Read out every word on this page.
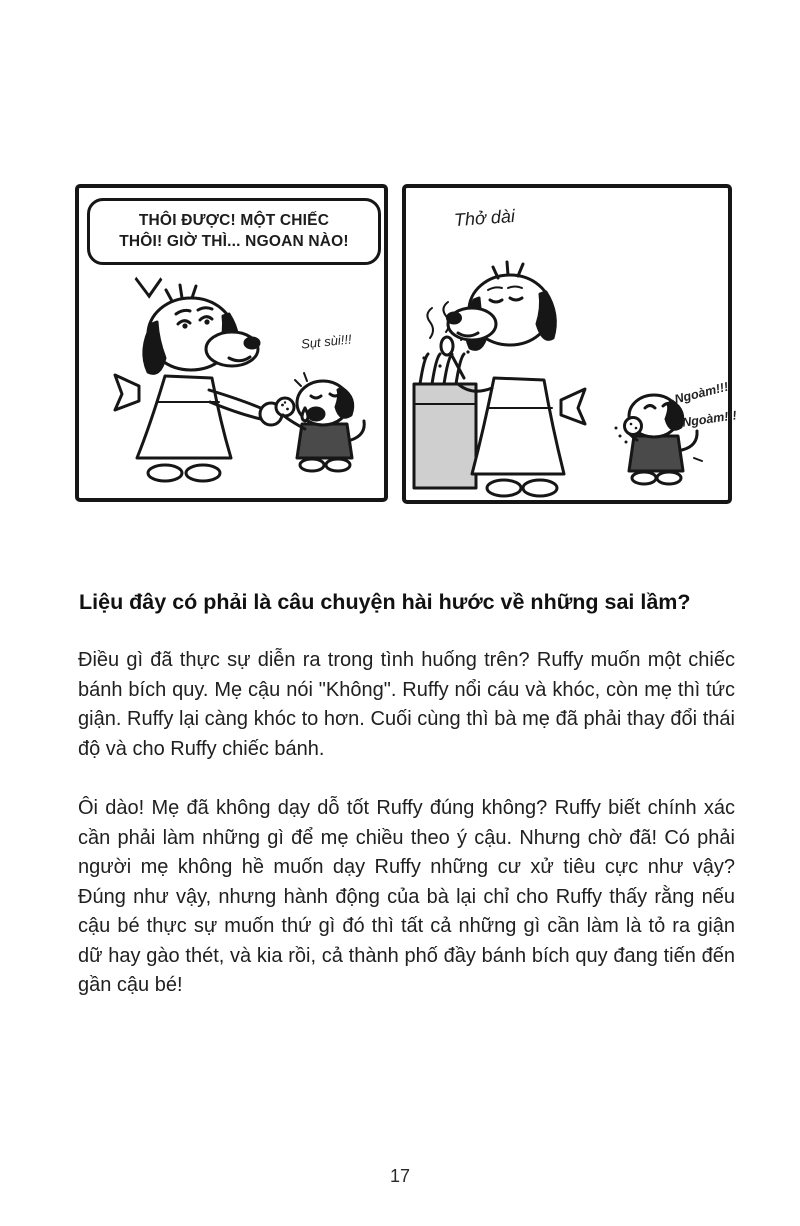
THÔI ĐƯỢC! MỘT CHIẾC
THÔI! GIỜ THÌ... NGOAN NÀO!
Sụt sùi!!!
Thở dài
Ngoàm!!!
Ngoàm!!!
Liệu đây có phải là câu chuyện hài hước về những sai lầm?

Điều gì đã thực sự diễn ra trong tình huống trên? Ruffy muốn một chiếc bánh bích quy. Mẹ cậu nói "Không". Ruffy nổi cáu và khóc, còn mẹ thì tức giận. Ruffy lại càng khóc to hơn. Cuối cùng thì bà mẹ đã phải thay đổi thái độ và cho Ruffy chiếc bánh.

Ôi dào! Mẹ đã không dạy dỗ tốt Ruffy đúng không? Ruffy biết chính xác cần phải làm những gì để mẹ chiều theo ý cậu. Nhưng chờ đã! Có phải người mẹ không hề muốn dạy Ruffy những cư xử tiêu cực như vậy? Đúng như vậy, nhưng hành động của bà lại chỉ cho Ruffy thấy rằng nếu cậu bé thực sự muốn thứ gì đó thì tất cả những gì cần làm là tỏ ra giận dữ hay gào thét, và kia rồi, cả thành phố đầy bánh bích quy đang tiến đến gần cậu bé!

17
